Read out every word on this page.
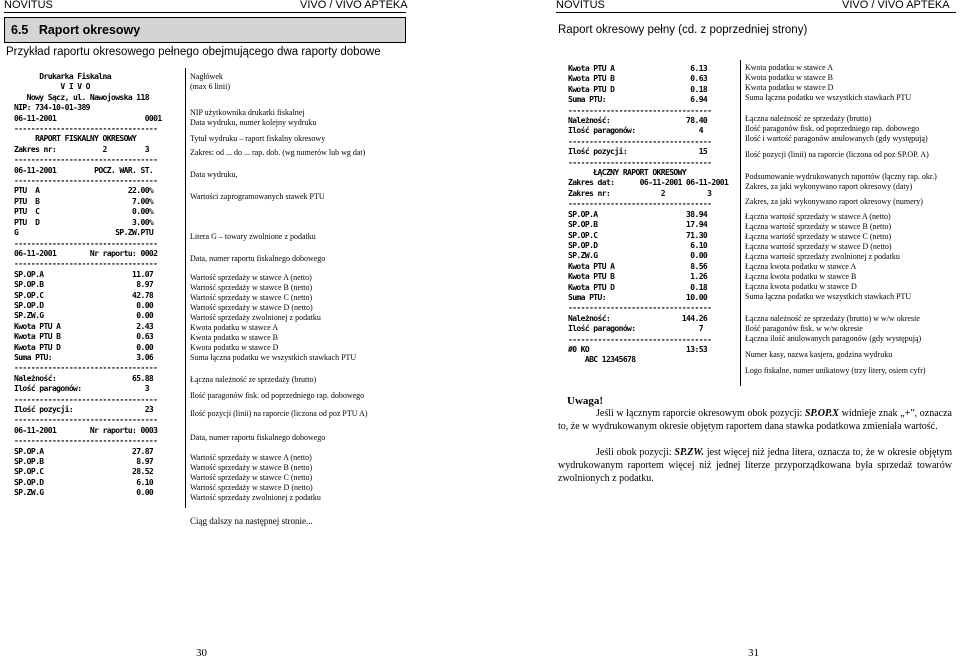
NOVITUS	VIVO / VIVO APTEKA	NOVITUS	VIVO / VIVO APTEKA
6.5 Raport okresowy
Przykład raportu okresowego pełnego obejmującego dwa raporty dobowe
Raport okresowy pełny (cd. z poprzedniej strony)
Drukarka Fiskalna
V I V O
Nowy Sącz, ul. Nawojowska 118
NIP: 734-10-01-389
06-11-2001                     0001
----------------------------------
RAPORT FISKALNY OKRESOWY
Zakres nr:           2         3
----------------------------------
06-11-2001         POCZ. WAR. ST.
----------------------------------
PTU  A                     22.00%
PTU  B                      7.00%
PTU  C                      0.00%
PTU  D                      3.00%
G                       SP.ZW.PTU
----------------------------------
06-11-2001        Nr raportu: 0002
----------------------------------
SP.OP.A                     11.07
SP.OP.B                      8.97
SP.OP.C                     42.78
SP.OP.D                      0.00
SP.ZW.G                      0.00
Kwota PTU A                  2.43
Kwota PTU B                  0.63
Kwota PTU D                  0.00
Suma PTU:                    3.06
----------------------------------
Należność:                  65.88
Ilość paragonów:               3
----------------------------------
Ilość pozycji:                 23
----------------------------------
06-11-2001        Nr raportu: 0003
----------------------------------
SP.OP.A                     27.87
SP.OP.B                      8.97
SP.OP.C                     28.52
SP.OP.D                      6.10
SP.ZW.G                      0.00
Nagłówek
(max 6 linii)
NIP użytkownika drukarki fiskalnej
Data wydruku, numer kolejny wydruku
Tytuł wydruku – raport fiskalny okresowy
Zakres: od ... do ... rap. dob. (wg numerów lub wg dat)
Data wydruku,
Wartości zaprogramowanych stawek PTU
Litera G – towary zwolnione z podatku
Data, numer raportu fiskalnego dobowego
Wartość sprzedaży w stawce A (netto)
Wartość sprzedaży w stawce B (netto)
Wartość sprzedaży w stawce C (netto)
Wartość sprzedaży w stawce D (netto)
Wartość sprzedaży zwolnionej z podatku
Kwota podatku w stawce A
Kwota podatku w stawce B
Kwota podatku w stawce D
Suma łączna podatku we wszystkich stawkach PTU
Łączna należność ze sprzedaży (brutto)
Ilość paragonów fisk. od poprzedniego rap. dobowego
Ilość pozycji (linii) na raporcie (liczona od poz PTU A)
Data, numer raportu fiskalnego dobowego
Wartość sprzedaży w stawce A (netto)
Wartość sprzedaży w stawce B (netto)
Wartość sprzedaży w stawce C (netto)
Wartość sprzedaży w stawce D (netto)
Wartość sprzedaży zwolnionej z podatku
Ciąg dalszy na następnej stronie...
Kwota PTU A                  6.13
Kwota PTU B                  0.63
Kwota PTU D                  0.18
Suma PTU:                    6.94
----------------------------------
Należność:                  78.40
Ilość paragonów:               4
----------------------------------
Ilość pozycji:                 15
----------------------------------
ŁĄCZNY RAPORT OKRESOWY
Zakres dat:      06-11-2001 06-11-2001
Zakres nr:            2          3
----------------------------------
SP.OP.A                     38.94
SP.OP.B                     17.94
SP.OP.C                     71.30
SP.OP.D                      6.10
SP.ZW.G                      0.00
Kwota PTU A                  8.56
Kwota PTU B                  1.26
Kwota PTU D                  0.18
Suma PTU:                   10.00
----------------------------------
Należność:                 144.26
Ilość paragonów:               7
----------------------------------
#0 KO                       13:53
ABC 12345678
Kwota podatku w stawce A
Kwota podatku w stawce B
Kwota podatku w stawce D
Suma łączna podatku we wszystkich stawkach PTU
Łączna należność ze sprzedaży (brutto)
Ilość paragonów fisk. od poprzedniego rap. dobowego
Ilość i wartość paragonów anulowanych (gdy występują)
Ilość pozycji (linii) na raporcie (liczona od poz SP.OP. A)
Podsumowanie wydrukowanych raportów (łączny rap. okr.)
Zakres, za jaki wykonywano raport okresowy (daty)
Zakres, za jaki wykonywano raport okresowy (numery)
Łączna wartość sprzedaży w stawce A (netto)
Łączna wartość sprzedaży w stawce B (netto)
Łączna wartość sprzedaży w stawce C (netto)
Łączna wartość sprzedaży w stawce D (netto)
Łączna wartość sprzedaży zwolnionej z podatku
Łączna kwota podatku w stawce A
Łączna kwota podatku w stawce B
Łączna kwota podatku w stawce D
Suma łączna podatku we wszystkich stawkach PTU
Łączna należność ze sprzedaży (brutto) w w/w okresie
Ilość paragonów fisk. w w/w okresie
Łączna ilość anulowanych paragonów (gdy występują)
Numer kasy, nazwa kasjera, godzina wydruku
Logo fiskalne, numer unikatowy (trzy litery, osiem cyfr)
Uwaga!
Jeśli w łącznym raporcie okresowym obok pozycji: SP.OP.X widnieje znak „+”, oznacza to, że w wydrukowanym okresie objętym raportem dana stawka podatkowa zmieniała wartość.
Jeśli obok pozycji: SP.ZW. jest więcej niż jedna litera, oznacza to, że w okresie objętym wydrukowanym raportem więcej niż jednej literze przyporządkowana była sprzedaż towarów zwolnionych z podatku.
30	31
